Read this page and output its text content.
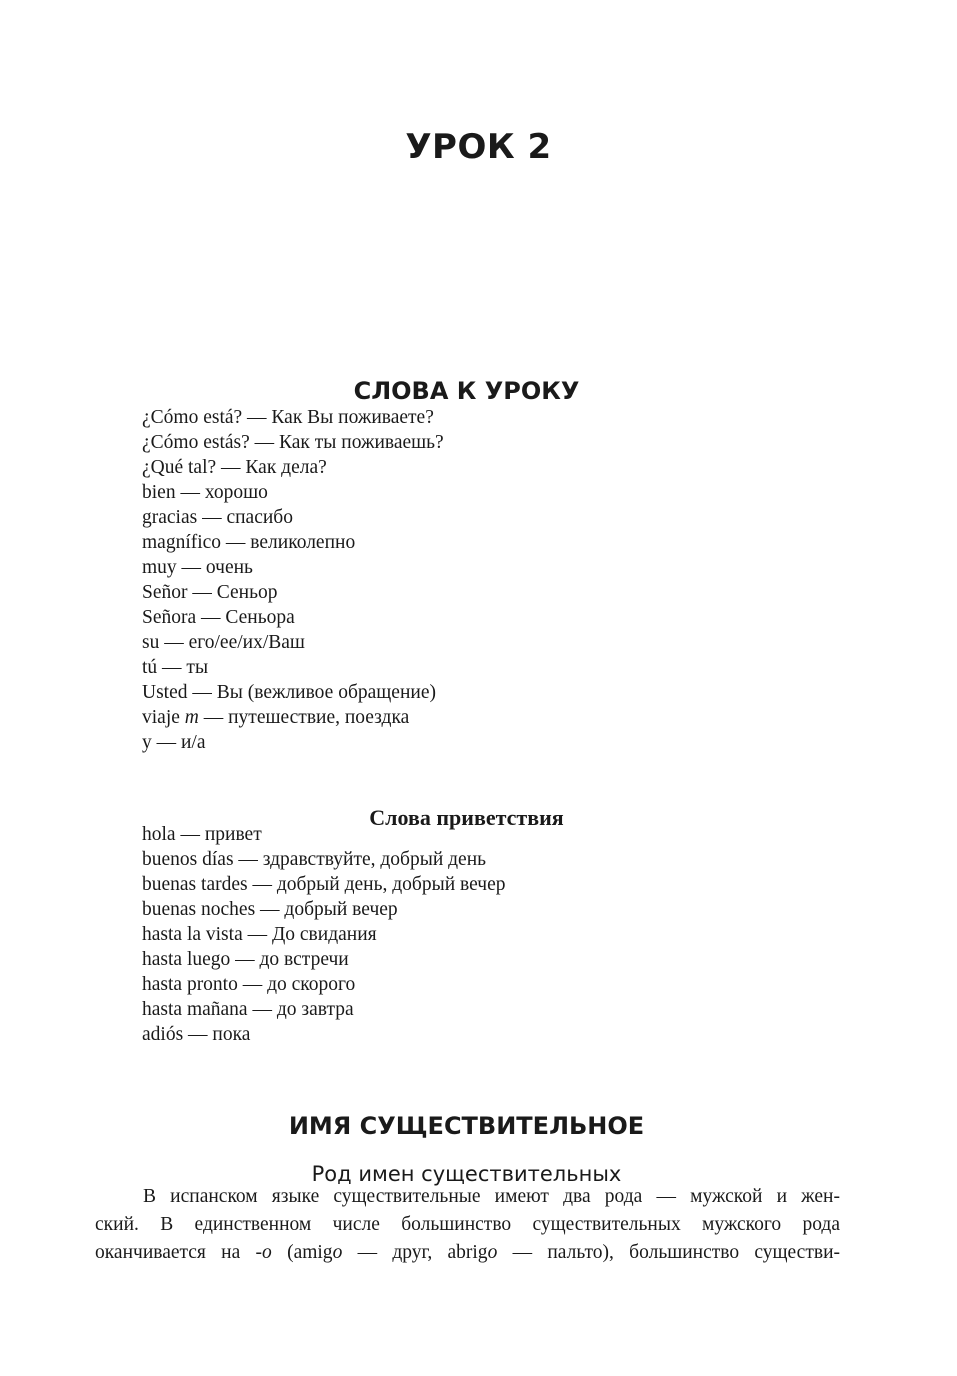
УРОК 2
СЛОВА К УРОКУ
¿Cómo está? — Как Вы поживаете?
¿Cómo estás? — Как ты поживаешь?
¿Qué tal? — Как дела?
bien — хорошо
gracias — спасибо
magnífico — великолепно
muy — очень
Señor — Сеньор
Señora — Сеньора
su — его/ее/их/Ваш
tú — ты
Usted — Вы (вежливое обращение)
viaje m — путешествие, поездка
y — и/а
Слова приветствия
hola — привет
buenos días — здравствуйте, добрый день
buenas tardes — добрый день, добрый вечер
buenas noches — добрый вечер
hasta la vista — До свидания
hasta luego — до встречи
hasta pronto — до скорого
hasta mañana — до завтра
adiós — пока
ИМЯ СУЩЕСТВИТЕЛЬНОЕ
Род имен существительных
В испанском языке существительные имеют два рода — мужской и жен-
ский. В единственном числе большинство существительных мужского рода
оканчивается на -o (amigo — друг, abrigo — пальто), большинство существи-
